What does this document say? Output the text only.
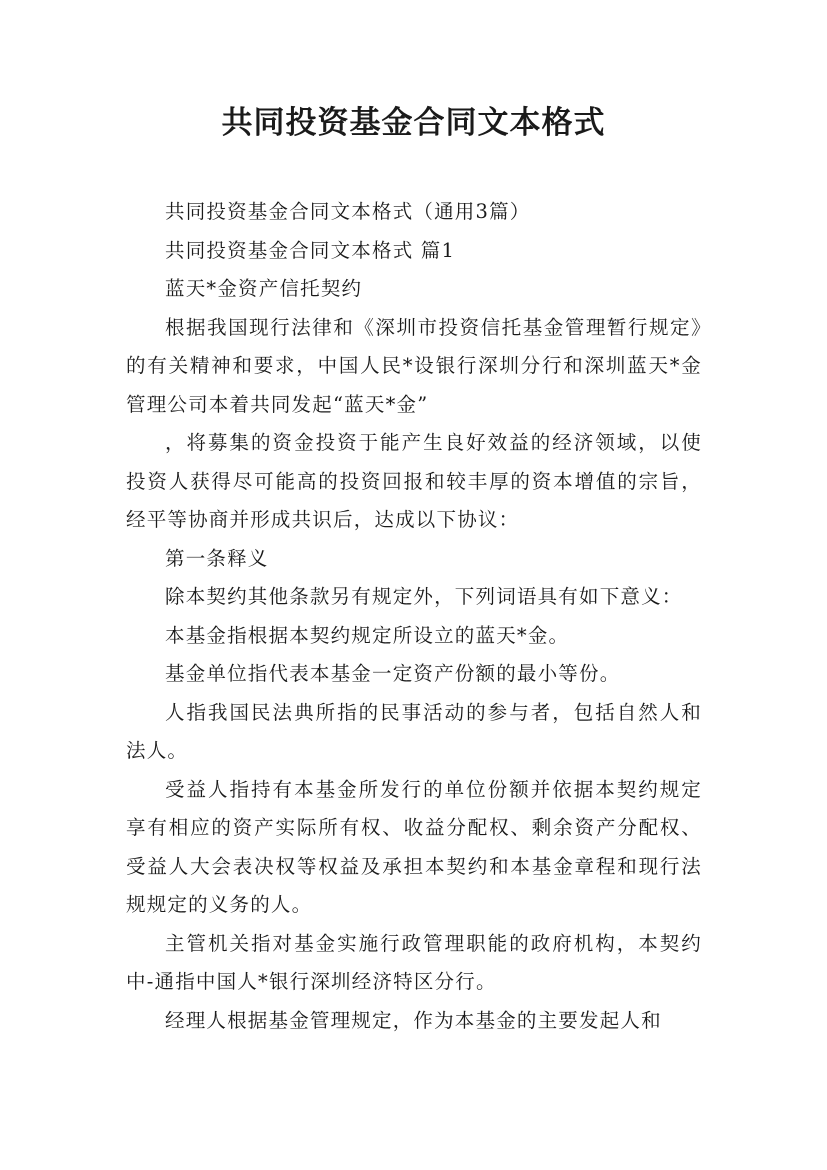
共同投资基金合同文本格式

共同投资基金合同文本格式（通用3篇）

共同投资基金合同文本格式 篇1

蓝天*金资产信托契约

根据我国现行法律和《深圳市投资信托基金管理暂行规定》的有关精神和要求，中国人民*设银行深圳分行和深圳蓝天*金管理公司本着共同发起“蓝天*金”

，将募集的资金投资于能产生良好效益的经济领域，以使投资人获得尽可能高的投资回报和较丰厚的资本增值的宗旨，经平等协商并形成共识后，达成以下协议：

第一条释义

除本契约其他条款另有规定外，下列词语具有如下意义：

本基金指根据本契约规定所设立的蓝天*金。

基金单位指代表本基金一定资产份额的最小等份。

人指我国民法典所指的民事活动的参与者，包括自然人和法人。

受益人指持有本基金所发行的单位份额并依据本契约规定享有相应的资产实际所有权、收益分配权、剩余资产分配权、受益人大会表决权等权益及承担本契约和本基金章程和现行法规规定的义务的人。

主管机关指对基金实施行政管理职能的政府机构，本契约中-通指中国人*银行深圳经济特区分行。

经理人根据基金管理规定，作为本基金的主要发起人和
